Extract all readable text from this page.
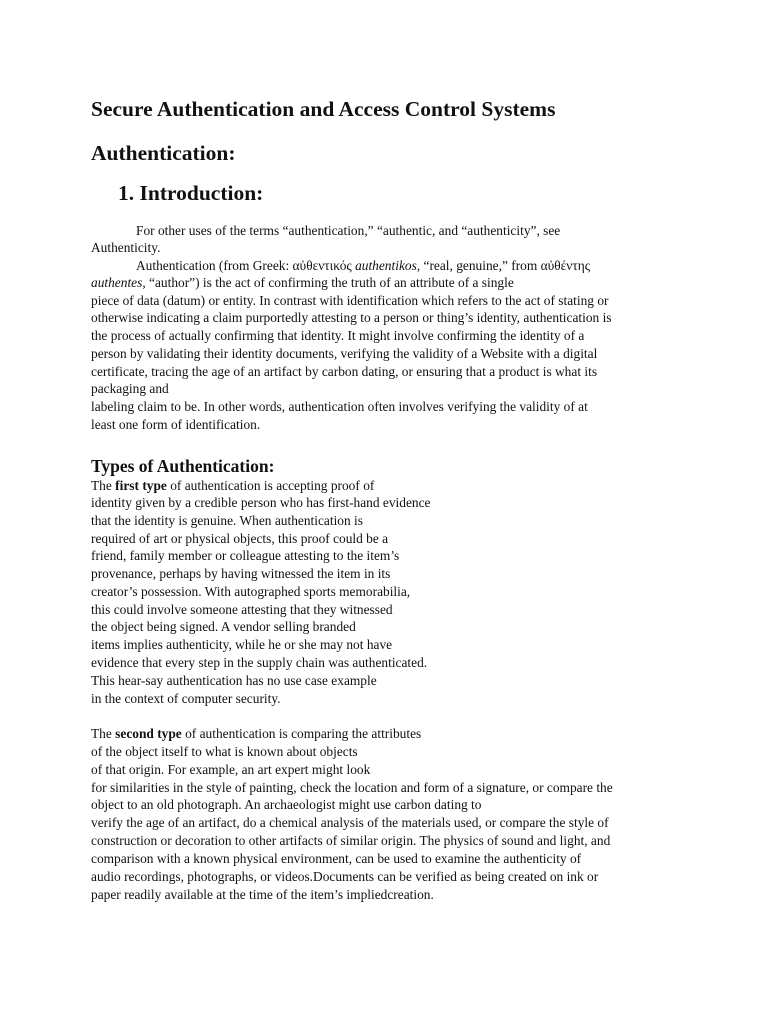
Secure Authentication and Access Control Systems
Authentication:
1. Introduction:
For other uses of the terms “authentication,” “authentic, and “authenticity”, see
Authenticity.
Authentication (from Greek: αὐθεντικός authentikos, “real, genuine,” from αὐθέντης
authentes, “author”) is the act of confirming the truth of an attribute of a single
piece of data (datum) or entity. In contrast with identification which refers to the act of stating or
otherwise indicating a claim purportedly attesting to a person or thing’s identity, authentication is
the process of actually confirming that identity. It might involve confirming the identity of a
person by validating their identity documents, verifying the validity of a Website with a digital
certificate, tracing the age of an artifact by carbon dating, or ensuring that a product is what its
packaging and
labeling claim to be. In other words, authentication often involves verifying the validity of at
least one form of identification.
Types of Authentication:
The first type of authentication is accepting proof of
identity given by a credible person who has first-hand evidence
that the identity is genuine. When authentication is
required of art or physical objects, this proof could be a
friend, family member or colleague attesting to the item’s
provenance, perhaps by having witnessed the item in its
creator’s possession. With autographed sports memorabilia,
this could involve someone attesting that they witnessed
the object being signed. A vendor selling branded
items implies authenticity, while he or she may not have
evidence that every step in the supply chain was authenticated.
This hear-say authentication has no use case example
in the context of computer security.
The second type of authentication is comparing the attributes
of the object itself to what is known about objects
of that origin. For example, an art expert might look
for similarities in the style of painting, check the location and form of a signature, or compare the
object to an old photograph. An archaeologist might use carbon dating to
verify the age of an artifact, do a chemical analysis of the materials used, or compare the style of
construction or decoration to other artifacts of similar origin. The physics of sound and light, and
comparison with a known physical environment, can be used to examine the authenticity of
audio recordings, photographs, or videos.Documents can be verified as being created on ink or
paper readily available at the time of the item’s impliedcreation.
